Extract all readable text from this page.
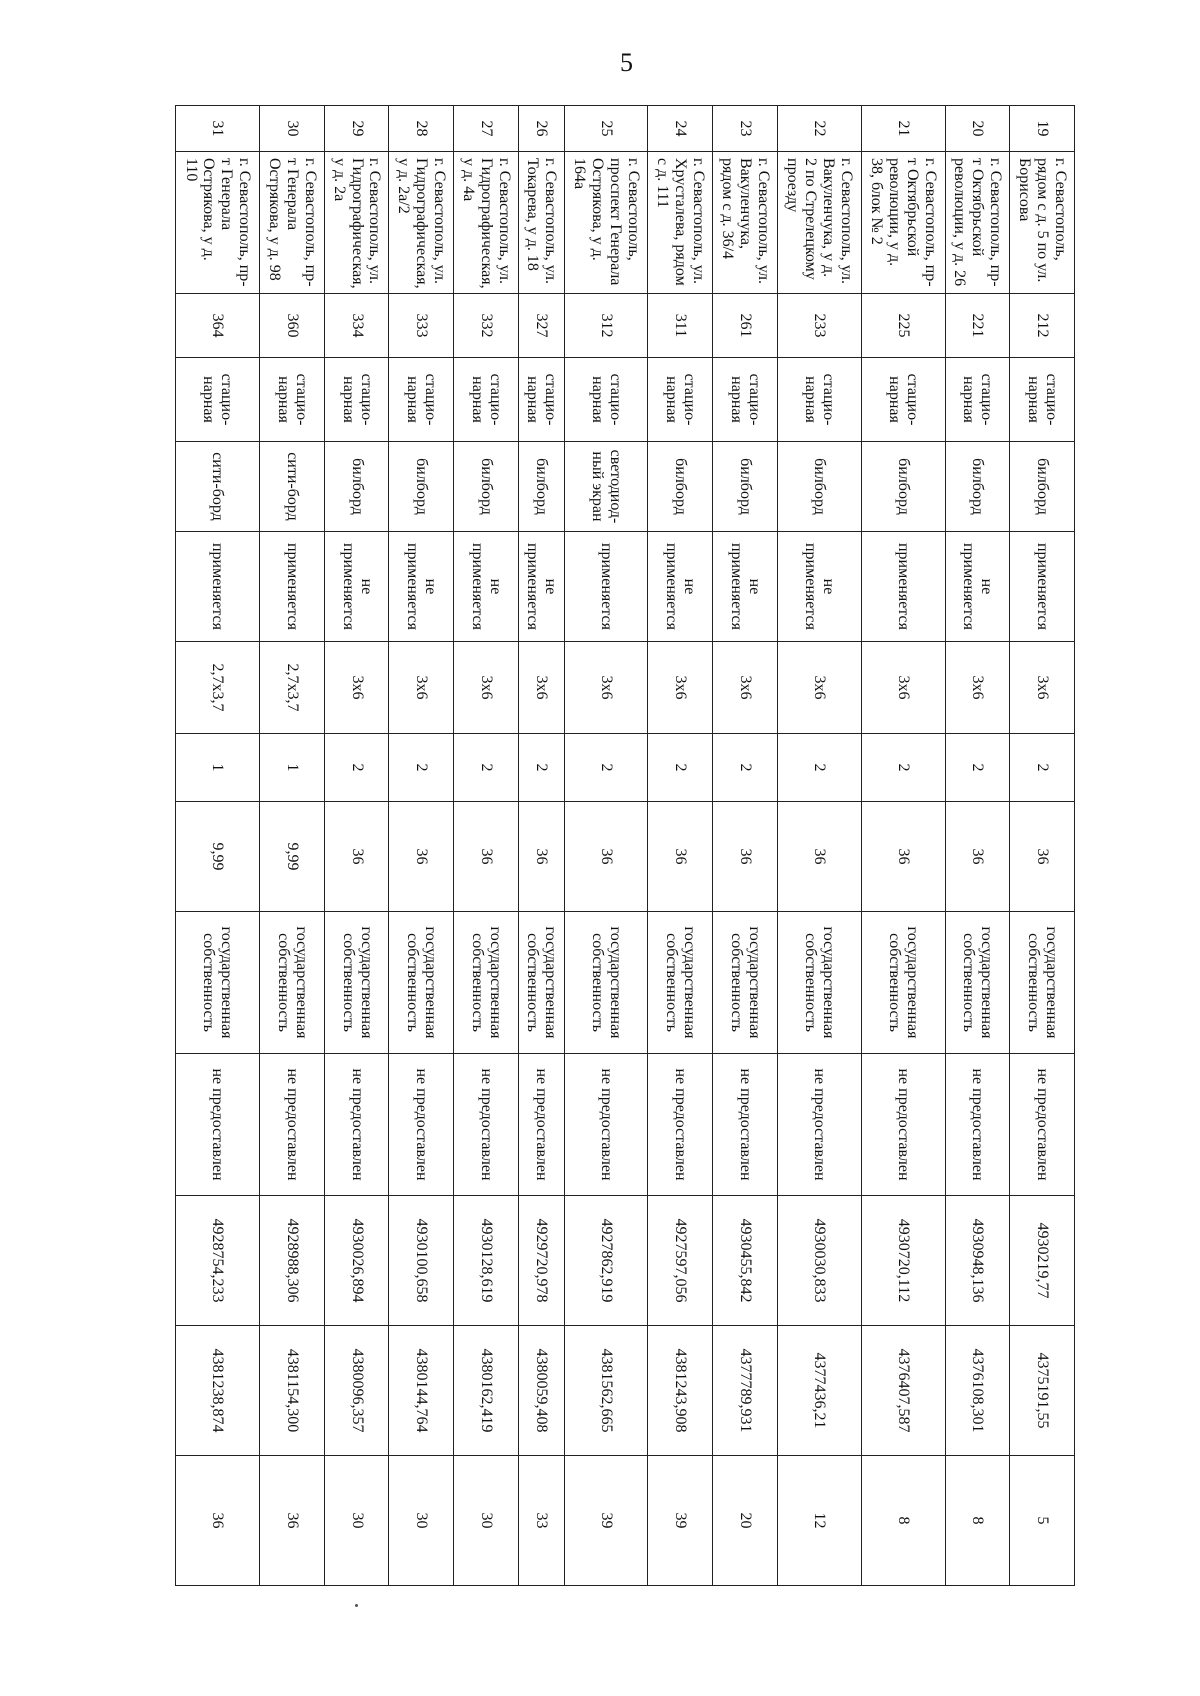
5
19	г. Севастополь, рядом с д. 5 по ул. Борисова	212	стацио-нарная	билборд	применяется	3х6	2	36	государственная собственность	не предоставлен	4930219,77	4375191,55	5
20	г. Севастополь, пр-т Октябрьской революции, у д. 26	221	стацио-нарная	билборд	не применяется	3х6	2	36	государственная собственность	не предоставлен	4930948,136	4376108,301	8
21	г. Севастополь, пр-т Октябрьской революции, у д. 38, блок № 2	225	стацио-нарная	билборд	применяется	3х6	2	36	государственная собственность	не предоставлен	4930720,112	4376407,587	8
22	г. Севастополь, ул. Вакуленчука, у д. 2 по Стрелецкому проезду	233	стацио-нарная	билборд	не применяется	3х6	2	36	государственная собственность	не предоставлен	4930030,833	4377436,21	12
23	г. Севастополь, ул. Вакуленчука, рядом с д. 36/4	261	стацио-нарная	билборд	не применяется	3х6	2	36	государственная собственность	не предоставлен	4930455,842	4377789,931	20
24	г. Севастополь, ул. Хрусталева, рядом с д. 111	311	стацио-нарная	билборд	не применяется	3х6	2	36	государственная собственность	не предоставлен	4927597,056	4381243,908	39
25	г. Севастополь, проспект Генерала Острякова, у д. 164а	312	стацио-нарная	светодиод-ный экран	применяется	3х6	2	36	государственная собственность	не предоставлен	4927862,919	4381562,665	39
26	г. Севастополь, ул. Токарева, у д. 18	327	стацио-нарная	билборд	не применяется	3х6	2	36	государственная собственность	не предоставлен	4929720,978	4380059,408	33
27	г. Севастополь, ул. Гидрографическая, у д. 4а	332	стацио-нарная	билборд	не применяется	3х6	2	36	государственная собственность	не предоставлен	4930128,619	4380162,419	30
28	г. Севастополь, ул. Гидрографическая, у д. 2а/2	333	стацио-нарная	билборд	не применяется	3х6	2	36	государственная собственность	не предоставлен	4930100,658	4380144,764	30
29	г. Севастополь, ул. Гидрографическая, у д. 2а	334	стацио-нарная	билборд	не применяется	3х6	2	36	государственная собственность	не предоставлен	4930026,894	4380096,357	30
30	г. Севастополь, пр-т Генерала Острякова, у д. 98	360	стацио-нарная	сити-борд	применяется	2,7х3,7	1	9,99	государственная собственность	не предоставлен	4928988,306	4381154,300	36
31	г. Севастополь, пр-т Генерала Острякова, у д. 110	364	стацио-нарная	сити-борд	применяется	2,7х3,7	1	9,99	государственная собственность	не предоставлен	4928754,233	4381238,874	36
